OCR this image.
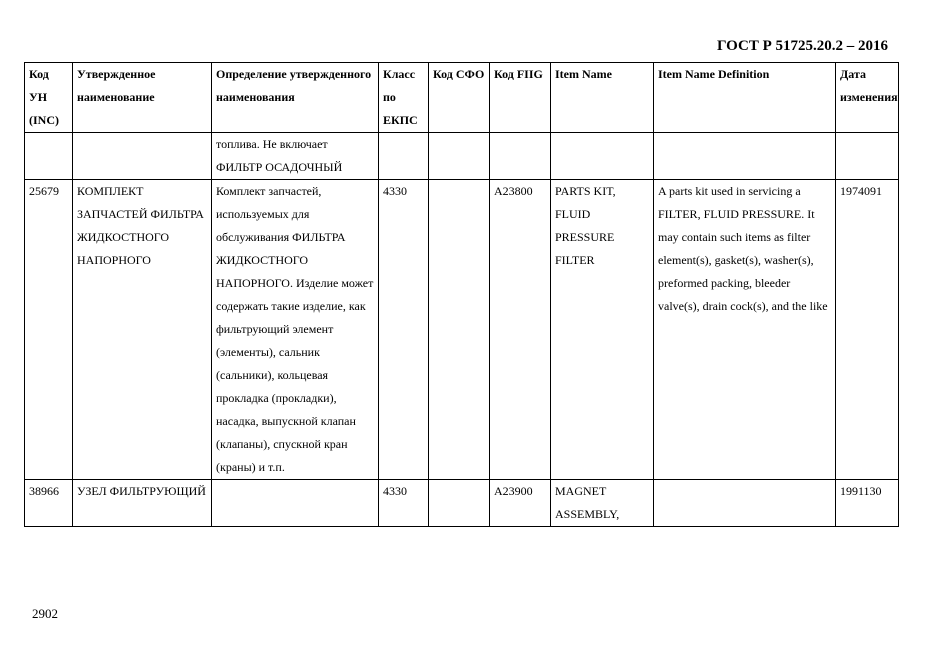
ГОСТ Р 51725.20.2 – 2016
Код УН (INC)	Утвержденное наименование	Определение утвержденного наименования	Класс по ЕКПС	Код СФО	Код FIIG	Item Name	Item Name Definition	Дата изменения
		топлива. Не включает ФИЛЬТР ОСАДОЧНЫЙ						
25679	КОМПЛЕКТ ЗАПЧАСТЕЙ ФИЛЬТРА ЖИДКОСТНОГО НАПОРНОГО	Комплект запчастей, используемых для обслуживания ФИЛЬТРА ЖИДКОСТНОГО НАПОРНОГО. Изделие может содержать такие изделие, как фильтрующий элемент (элементы), сальник (сальники), кольцевая прокладка (прокладки), насадка, выпускной клапан (клапаны), спускной кран (краны) и т.п.	4330		A23800	PARTS KIT, FLUID PRESSURE FILTER	A parts kit used in servicing a FILTER, FLUID PRESSURE. It may contain such items as filter element(s), gasket(s), washer(s), preformed packing, bleeder valve(s), drain cock(s), and the like	1974091
38966	УЗЕЛ ФИЛЬТРУЮЩИЙ		4330		A23900	MAGNET ASSEMBLY,		1991130
2902
